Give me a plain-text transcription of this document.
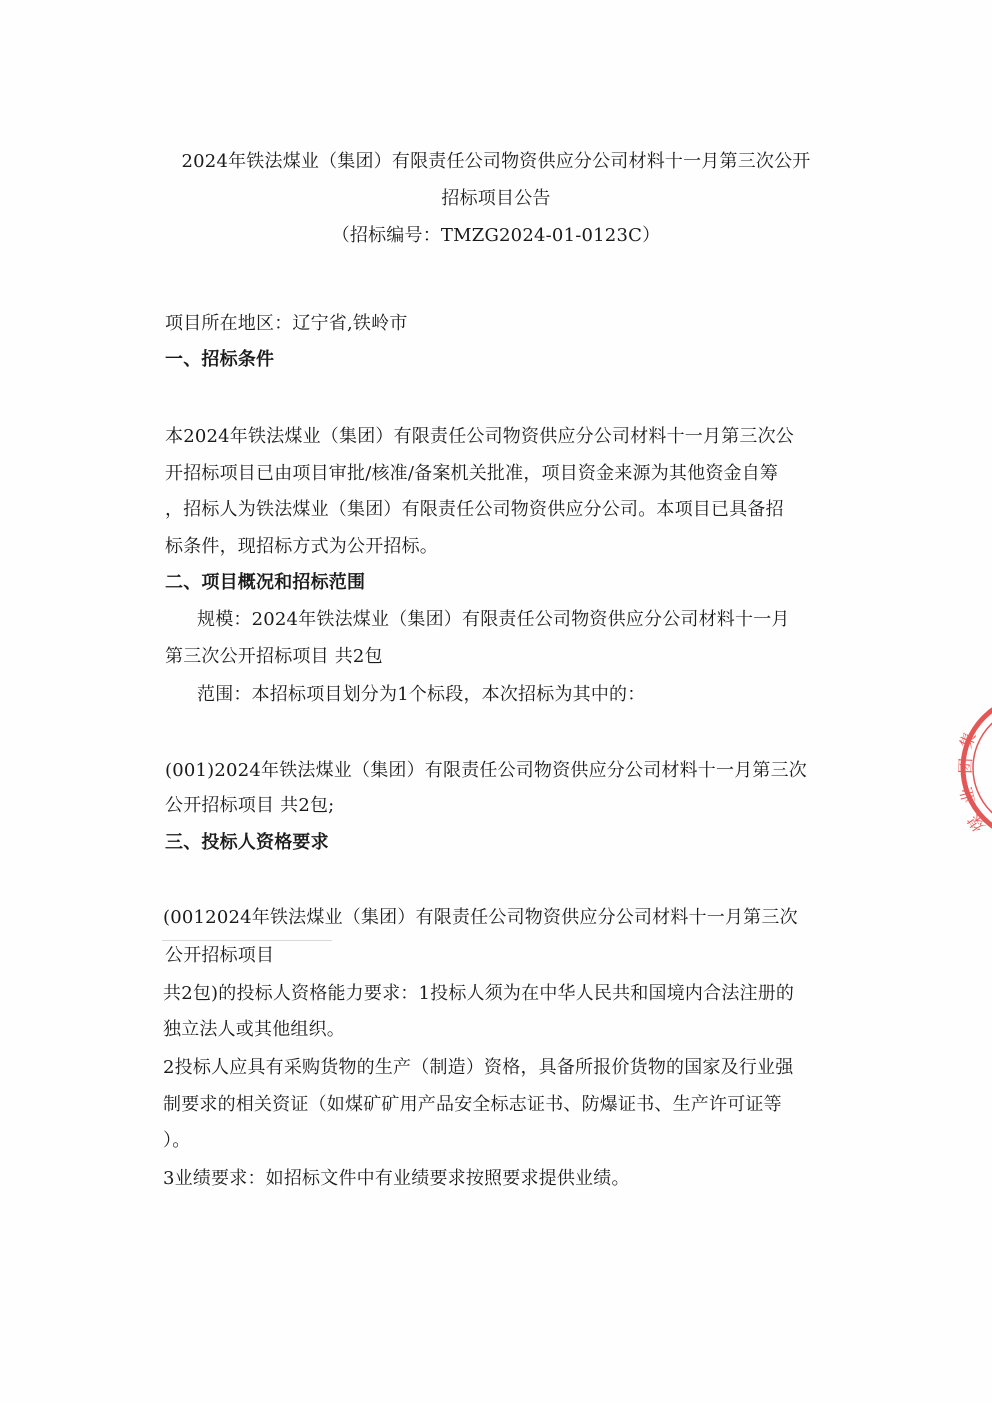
2024年铁法煤业（集团）有限责任公司物资供应分公司材料十一月第三次公开
招标项目公告
（招标编号：TMZG2024-01-0123C）
项目所在地区：辽宁省,铁岭市
一、招标条件
本2024年铁法煤业（集团）有限责任公司物资供应分公司材料十一月第三次公
开招标项目已由项目审批/核准/备案机关批准，项目资金来源为其他资金自筹
，招标人为铁法煤业（集团）有限责任公司物资供应分公司。本项目已具备招
标条件，现招标方式为公开招标。
二、项目概况和招标范围
规模：2024年铁法煤业（集团）有限责任公司物资供应分公司材料十一月
第三次公开招标项目 共2包
范围：本招标项目划分为1个标段，本次招标为其中的：
(001)2024年铁法煤业（集团）有限责任公司物资供应分公司材料十一月第三次
公开招标项目 共2包;
三、投标人资格要求
(0012024年铁法煤业（集团）有限责任公司物资供应分公司材料十一月第三次
公开招标项目
共2包)的投标人资格能力要求：1投标人须为在中华人民共和国境内合法注册的
独立法人或其他组织。
2投标人应具有采购货物的生产（制造）资格，具备所报价货物的国家及行业强
制要求的相关资证（如煤矿矿用产品安全标志证书、防爆证书、生产许可证等
）。
3业绩要求：如招标文件中有业绩要求按照要求提供业绩。
集
团
业
煤
